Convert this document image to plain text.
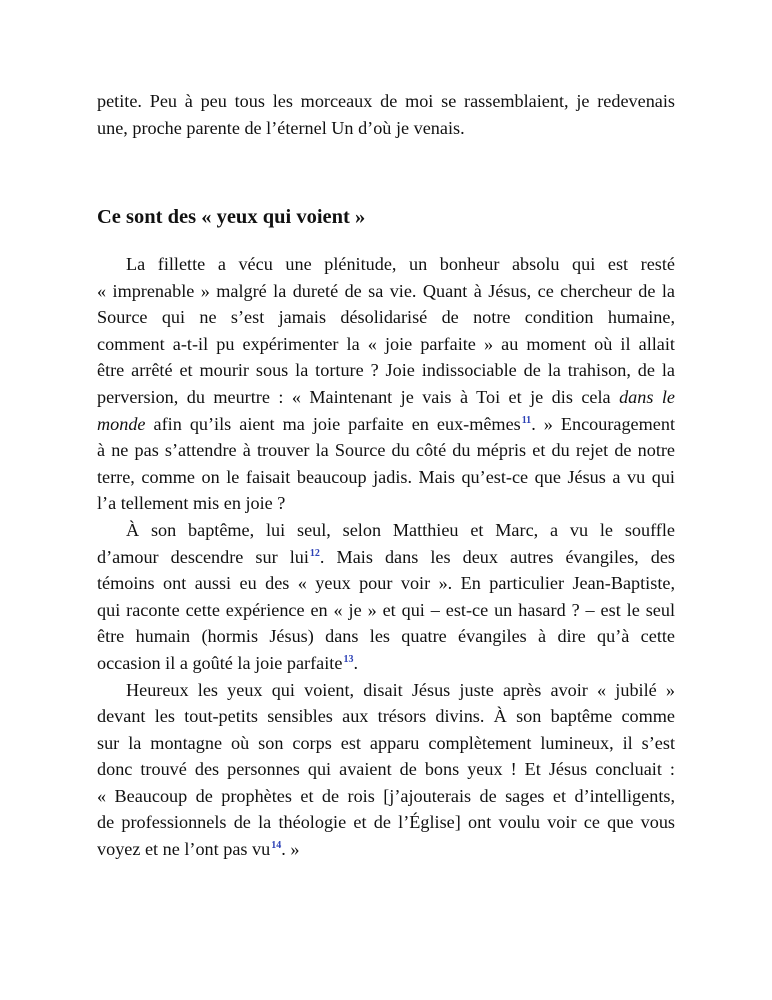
petite. Peu à peu tous les morceaux de moi se rassemblaient, je redevenais
une, proche parente de l’éternel Un d’où je venais.

Ce sont des « yeux qui voient »

La fillette a vécu une plénitude, un bonheur absolu qui est resté
« imprenable » malgré la dureté de sa vie. Quant à Jésus, ce chercheur de la
Source qui ne s’est jamais désolidarisé de notre condition humaine,
comment a-t-il pu expérimenter la « joie parfaite » au moment où il allait
être arrêté et mourir sous la torture ? Joie indissociable de la trahison, de la
perversion, du meurtre : « Maintenant je vais à Toi et je dis cela dans le
monde afin qu’ils aient ma joie parfaite en eux-mêmes$^{11}$. » Encouragement
à ne pas s’attendre à trouver la Source du côté du mépris et du rejet de notre
terre, comme on le faisait beaucoup jadis. Mais qu’est-ce que Jésus a vu qui
l’a tellement mis en joie ?

À son baptême, lui seul, selon Matthieu et Marc, a vu le souffle
d’amour descendre sur lui$^{12}$. Mais dans les deux autres évangiles, des
témoins ont aussi eu des « yeux pour voir ». En particulier Jean-Baptiste,
qui raconte cette expérience en « je » et qui – est-ce un hasard ? – est le seul
être humain (hormis Jésus) dans les quatre évangiles à dire qu’à cette
occasion il a goûté la joie parfaite$^{13}$.

Heureux les yeux qui voient, disait Jésus juste après avoir « jubilé »
devant les tout-petits sensibles aux trésors divins. À son baptême comme
sur la montagne où son corps est apparu complètement lumineux, il s’est
donc trouvé des personnes qui avaient de bons yeux ! Et Jésus concluait :
« Beaucoup de prophètes et de rois [j’ajouterais de sages et d’intelligents,
de professionnels de la théologie et de l’Église] ont voulu voir ce que vous
voyez et ne l’ont pas vu$^{14}$. »
